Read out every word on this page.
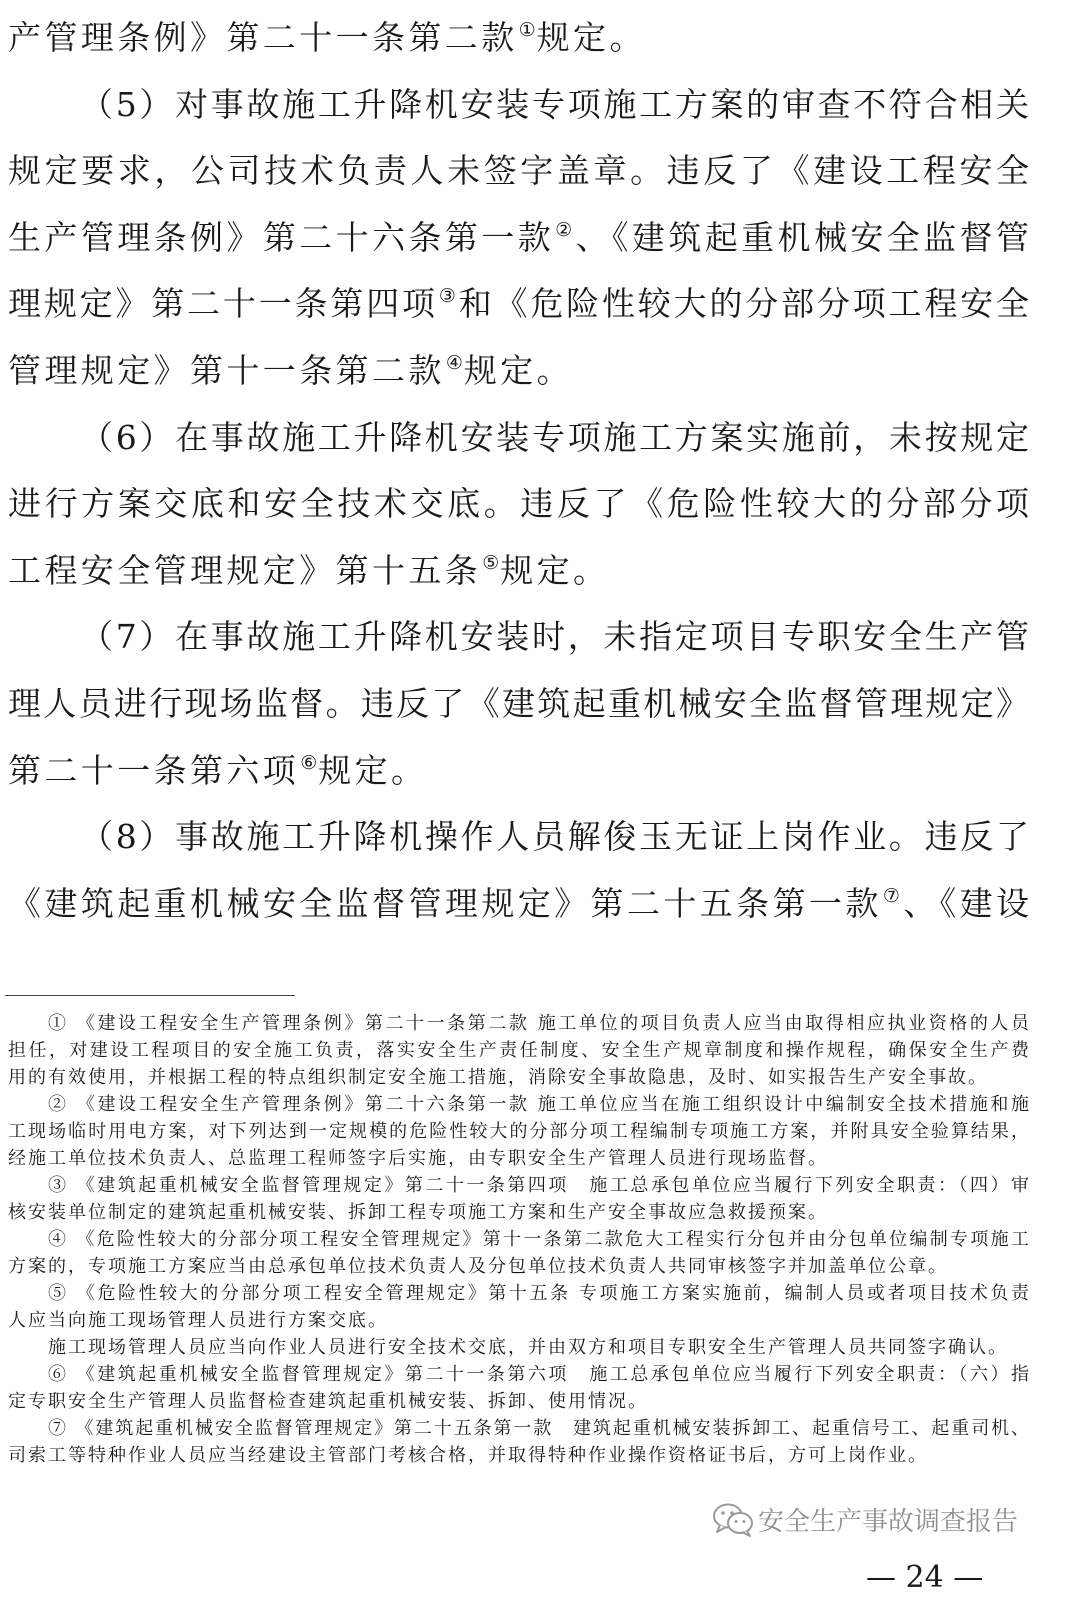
产管理条例》第二十一条第二款①规定。
（5）对事故施工升降机安装专项施工方案的审查不符合相关
规定要求，公司技术负责人未签字盖章。违反了《建设工程安全
生产管理条例》第二十六条第一款②、《建筑起重机械安全监督管
理规定》第二十一条第四项③和《危险性较大的分部分项工程安全
管理规定》第十一条第二款④规定。
（6）在事故施工升降机安装专项施工方案实施前，未按规定
进行方案交底和安全技术交底。违反了《危险性较大的分部分项
工程安全管理规定》第十五条⑤规定。
（7）在事故施工升降机安装时，未指定项目专职安全生产管
理人员进行现场监督。违反了《建筑起重机械安全监督管理规定》
第二十一条第六项⑥规定。
（8）事故施工升降机操作人员解俊玉无证上岗作业。违反了
《建筑起重机械安全监督管理规定》第二十五条第一款⑦、《建设
① 《建设工程安全生产管理条例》第二十一条第二款 施工单位的项目负责人应当由取得相应执业资格的人员
担任，对建设工程项目的安全施工负责，落实安全生产责任制度、安全生产规章制度和操作规程，确保安全生产费
用的有效使用，并根据工程的特点组织制定安全施工措施，消除安全事故隐患，及时、如实报告生产安全事故。
② 《建设工程安全生产管理条例》第二十六条第一款 施工单位应当在施工组织设计中编制安全技术措施和施
工现场临时用电方案，对下列达到一定规模的危险性较大的分部分项工程编制专项施工方案，并附具安全验算结果，
经施工单位技术负责人、总监理工程师签字后实施，由专职安全生产管理人员进行现场监督。
③ 《建筑起重机械安全监督管理规定》第二十一条第四项　施工总承包单位应当履行下列安全职责：（四）审
核安装单位制定的建筑起重机械安装、拆卸工程专项施工方案和生产安全事故应急救援预案。
④ 《危险性较大的分部分项工程安全管理规定》第十一条第二款危大工程实行分包并由分包单位编制专项施工
方案的，专项施工方案应当由总承包单位技术负责人及分包单位技术负责人共同审核签字并加盖单位公章。
⑤ 《危险性较大的分部分项工程安全管理规定》第十五条 专项施工方案实施前，编制人员或者项目技术负责
人应当向施工现场管理人员进行方案交底。
施工现场管理人员应当向作业人员进行安全技术交底，并由双方和项目专职安全生产管理人员共同签字确认。
⑥ 《建筑起重机械安全监督管理规定》第二十一条第六项　施工总承包单位应当履行下列安全职责：（六）指
定专职安全生产管理人员监督检查建筑起重机械安装、拆卸、使用情况。
⑦ 《建筑起重机械安全监督管理规定》第二十五条第一款　建筑起重机械安装拆卸工、起重信号工、起重司机、
司索工等特种作业人员应当经建设主管部门考核合格，并取得特种作业操作资格证书后，方可上岗作业。
安全生产事故调查报告
— 24 —
